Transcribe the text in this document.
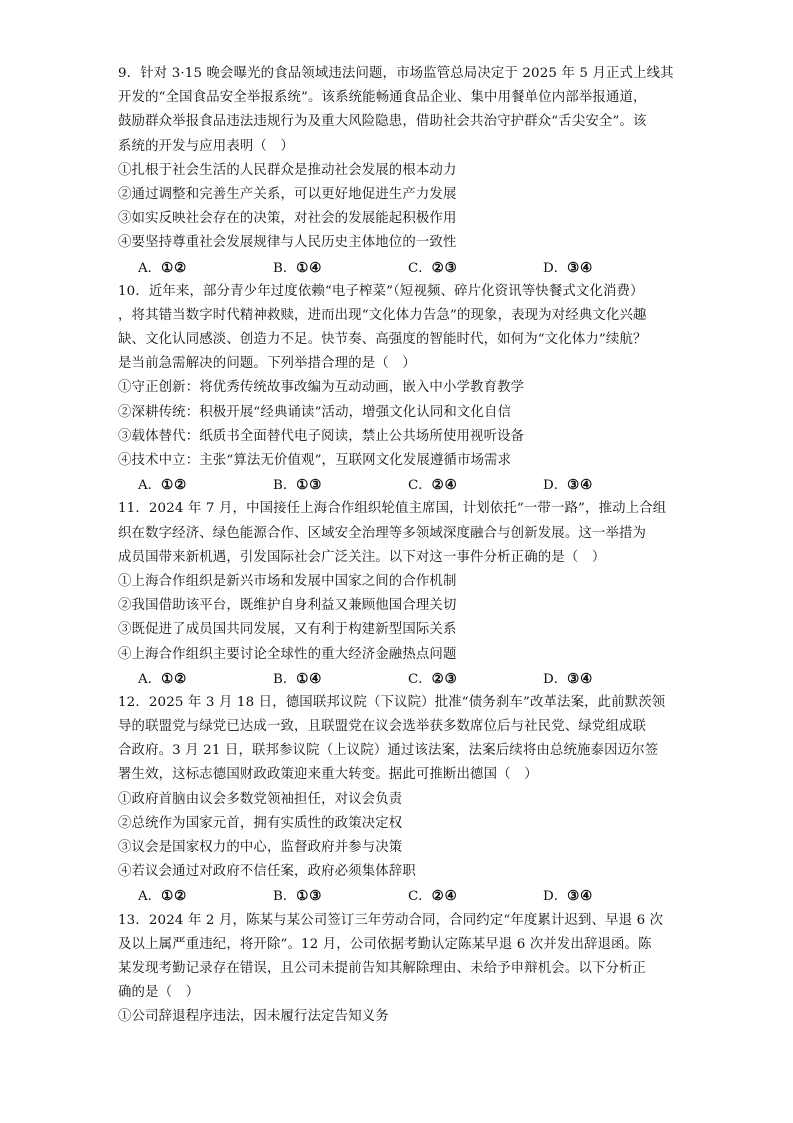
9．针对 3·15 晚会曝光的食品领域违法问题，市场监管总局决定于 2025 年 5 月正式上线其
开发的“全国食品安全举报系统”。该系统能畅通食品企业、集中用餐单位内部举报通道，
鼓励群众举报食品违法违规行为及重大风险隐患，借助社会共治守护群众“舌尖安全”。该
系统的开发与应用表明（　）
①扎根于社会生活的人民群众是推动社会发展的根本动力
②通过调整和完善生产关系，可以更好地促进生产力发展
③如实反映社会存在的决策，对社会的发展能起积极作用
④要坚持尊重社会发展规律与人民历史主体地位的一致性
A．①②	B．①④	C．②③	D．③④
10．近年来，部分青少年过度依赖“电子榨菜”（短视频、碎片化资讯等快餐式文化消费）
，将其错当数字时代精神救赎，进而出现“文化体力告急”的现象，表现为对经典文化兴趣
缺、文化认同感淡、创造力不足。快节奏、高强度的智能时代，如何为“文化体力”续航？
是当前急需解决的问题。下列举措合理的是（　）
①守正创新：将优秀传统故事改编为互动动画，嵌入中小学教育教学
②深耕传统：积极开展“经典诵读”活动，增强文化认同和文化自信
③载体替代：纸质书全面替代电子阅读，禁止公共场所使用视听设备
④技术中立：主张“算法无价值观”，互联网文化发展遵循市场需求
A．①②	B．①③	C．②④	D．③④
11．2024 年 7 月，中国接任上海合作组织轮值主席国，计划依托“一带一路”，推动上合组
织在数字经济、绿色能源合作、区域安全治理等多领域深度融合与创新发展。这一举措为
成员国带来新机遇，引发国际社会广泛关注。以下对这一事件分析正确的是（　）
①上海合作组织是新兴市场和发展中国家之间的合作机制
②我国借助该平台，既维护自身利益又兼顾他国合理关切
③既促进了成员国共同发展，又有利于构建新型国际关系
④上海合作组织主要讨论全球性的重大经济金融热点问题
A．①②	B．①④	C．②③	D．③④
12．2025 年 3 月 18 日，德国联邦议院（下议院）批准“债务刹车”改革法案，此前默茨领
导的联盟党与绿党已达成一致，且联盟党在议会选举获多数席位后与社民党、绿党组成联
合政府。3 月 21 日，联邦参议院（上议院）通过该法案，法案后续将由总统施泰因迈尔签
署生效，这标志德国财政政策迎来重大转变。据此可推断出德国（　）
①政府首脑由议会多数党领袖担任，对议会负责
②总统作为国家元首，拥有实质性的政策决定权
③议会是国家权力的中心，监督政府并参与决策
④若议会通过对政府不信任案，政府必须集体辞职
A．①②	B．①③	C．②④	D．③④
13．2024 年 2 月，陈某与某公司签订三年劳动合同，合同约定“年度累计迟到、早退 6 次
及以上属严重违纪，将开除”。12 月，公司依据考勤认定陈某早退 6 次并发出辞退函。陈
某发现考勤记录存在错误，且公司未提前告知其解除理由、未给予申辩机会。以下分析正
确的是（　）
①公司辞退程序违法，因未履行法定告知义务
